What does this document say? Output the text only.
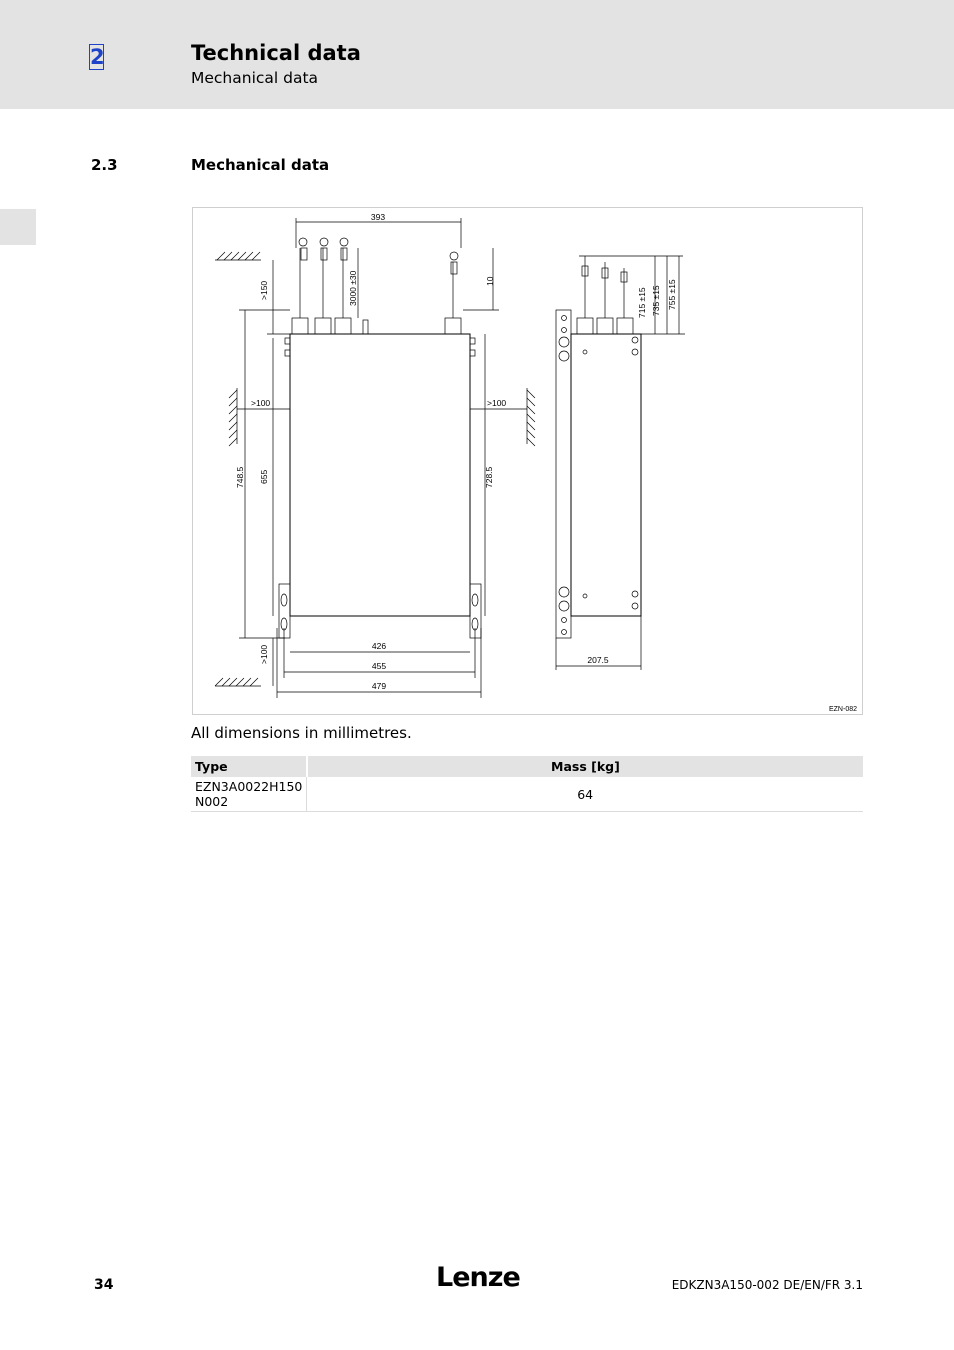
2	Technical data
Mechanical data
2.3	Mechanical data
393
3000 ±30
>150	10
>100	>100
748.5 655	728.5
>100	426
455
479
207.5
715 ±15 735 ±15 755 ±15
EZN-082
All dimensions in millimetres.
Type	Mass [kg]
EZN3A0022H150 N002	64
34	Lenze	EDKZN3A150-002 DE/EN/FR 3.1
